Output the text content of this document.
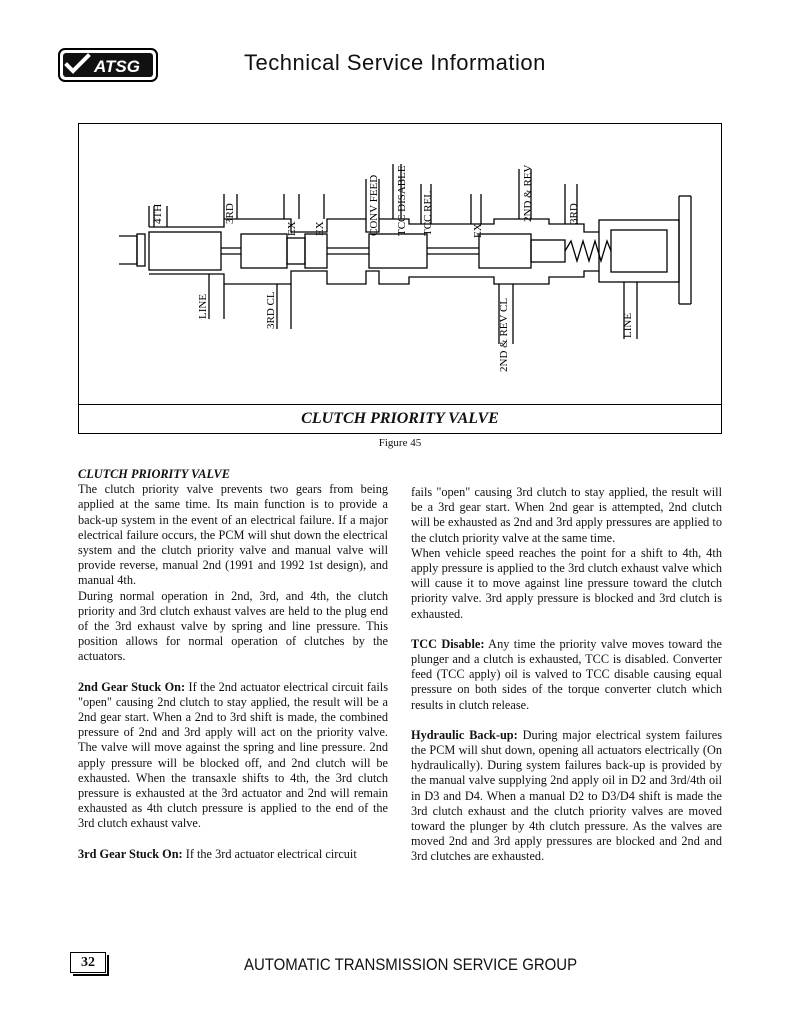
ATSG	Technical Service Information
4TH	3RD
EX EX	CONV FEED TCC DISABLE TCC REL	EX
2ND & REV	3RD
LINE	3RD CL	2ND & REV CL	LINE
CLUTCH PRIORITY VALVE
Figure 45

CLUTCH PRIORITY VALVE

The clutch priority valve prevents two gears from being applied at the same time. Its main function is to provide a back-up system in the event of an electrical failure. If a major electrical failure occurs, the PCM will shut down the electrical system and the clutch priority valve and manual valve will provide reverse, manual 2nd (1991 and 1992 1st design), and manual 4th.

During normal operation in 2nd, 3rd, and 4th, the clutch priority and 3rd clutch exhaust valves are held to the plug end of the 3rd exhaust valve by spring and line pressure. This position allows for normal operation of clutches by the actuators.

2nd Gear Stuck On: If the 2nd actuator electrical circuit fails "open" causing 2nd clutch to stay applied, the result will be a 2nd gear start. When a 2nd to 3rd shift is made, the combined pressure of 2nd and 3rd apply will act on the priority valve. The valve will move against the spring and line pressure. 2nd apply pressure will be blocked off, and 2nd clutch will be exhausted. When the transaxle shifts to 4th, the 3rd clutch pressure is exhausted at the 3rd actuator and 2nd will remain exhausted as 4th clutch pressure is applied to the end of the 3rd clutch exhaust valve.

3rd Gear Stuck On: If the 3rd actuator electrical circuit

fails "open" causing 3rd clutch to stay applied, the result will be a 3rd gear start. When 2nd gear is attempted, 2nd clutch will be exhausted as 2nd and 3rd apply pressures are applied to the clutch priority valve at the same time.

When vehicle speed reaches the point for a shift to 4th, 4th apply pressure is applied to the 3rd clutch exhaust valve which will cause it to move against line pressure toward the clutch priority valve. 3rd apply pressure is blocked and 3rd clutch is exhausted.

TCC Disable: Any time the priority valve moves toward the plunger and a clutch is exhausted, TCC is disabled. Converter feed (TCC apply) oil is valved to TCC disable causing equal pressure on both sides of the torque converter clutch which results in clutch release.

Hydraulic Back-up: During major electrical system failures the PCM will shut down, opening all actuators electrically (On hydraulically). During system failures back-up is provided by the manual valve supplying 2nd apply oil in D2 and 3rd/4th oil in D3 and D4. When a manual D2 to D3/D4 shift is made the 3rd clutch exhaust and the clutch priority valves are moved toward the plunger by 4th clutch pressure. As the valves are moved 2nd and 3rd apply pressures are blocked and 2nd and 3rd clutches are exhausted.

32	AUTOMATIC TRANSMISSION SERVICE GROUP
